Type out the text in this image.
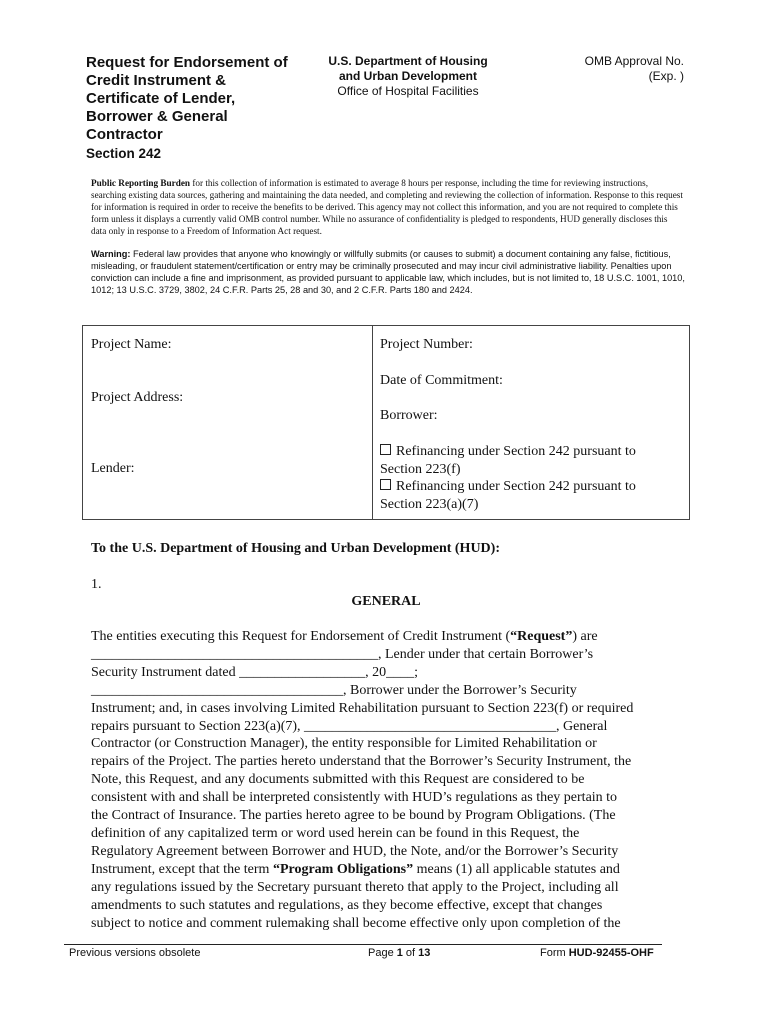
Request for Endorsement of
Credit Instrument &
Certificate of Lender,
Borrower & General
Contractor
Section 242
U.S. Department of Housing
and Urban Development
Office of Hospital Facilities
OMB Approval No.
(Exp. )
Public Reporting Burden for this collection of information is estimated to average 8 hours per response, including the time for reviewing instructions, searching existing data sources, gathering and maintaining the data needed, and completing and reviewing the collection of information. Response to this request for information is required in order to receive the benefits to be derived. This agency may not collect this information, and you are not required to complete this form unless it displays a currently valid OMB control number. While no assurance of confidentiality is pledged to respondents, HUD generally discloses this data only in response to a Freedom of Information Act request.
Warning: Federal law provides that anyone who knowingly or willfully submits (or causes to submit) a document containing any false, fictitious, misleading, or fraudulent statement/certification or entry may be criminally prosecuted and may incur civil administrative liability. Penalties upon conviction can include a fine and imprisonment, as provided pursuant to applicable law, which includes, but is not limited to, 18 U.S.C. 1001, 1010, 1012; 13 U.S.C. 3729, 3802, 24 C.F.R. Parts 25, 28 and 30, and 2 C.F.R. Parts 180 and 2424.
Project Name:
Project Address:
Lender:
Project Number:
Date of Commitment:
Borrower:
Refinancing under Section 242 pursuant to
Section 223(f)
Refinancing under Section 242 pursuant to
Section 223(a)(7)
To the U.S. Department of Housing and Urban Development (HUD):
1.
GENERAL
The entities executing this Request for Endorsement of Credit Instrument (“Request”) are
_________________________________________, Lender under that certain Borrower’s
Security Instrument dated __________________, 20____;
____________________________________, Borrower under the Borrower’s Security
Instrument; and, in cases involving Limited Rehabilitation pursuant to Section 223(f) or required
repairs pursuant to Section 223(a)(7), ____________________________________, General
Contractor (or Construction Manager), the entity responsible for Limited Rehabilitation or
repairs of the Project. The parties hereto understand that the Borrower’s Security Instrument, the
Note, this Request, and any documents submitted with this Request are considered to be
consistent with and shall be interpreted consistently with HUD’s regulations as they pertain to
the Contract of Insurance. The parties hereto agree to be bound by Program Obligations. (The
definition of any capitalized term or word used herein can be found in this Request, the
Regulatory Agreement between Borrower and HUD, the Note, and/or the Borrower’s Security
Instrument, except that the term “Program Obligations” means (1) all applicable statutes and
any regulations issued by the Secretary pursuant thereto that apply to the Project, including all
amendments to such statutes and regulations, as they become effective, except that changes
subject to notice and comment rulemaking shall become effective only upon completion of the
Previous versions obsolete	Page 1 of 13	Form HUD-92455-OHF
